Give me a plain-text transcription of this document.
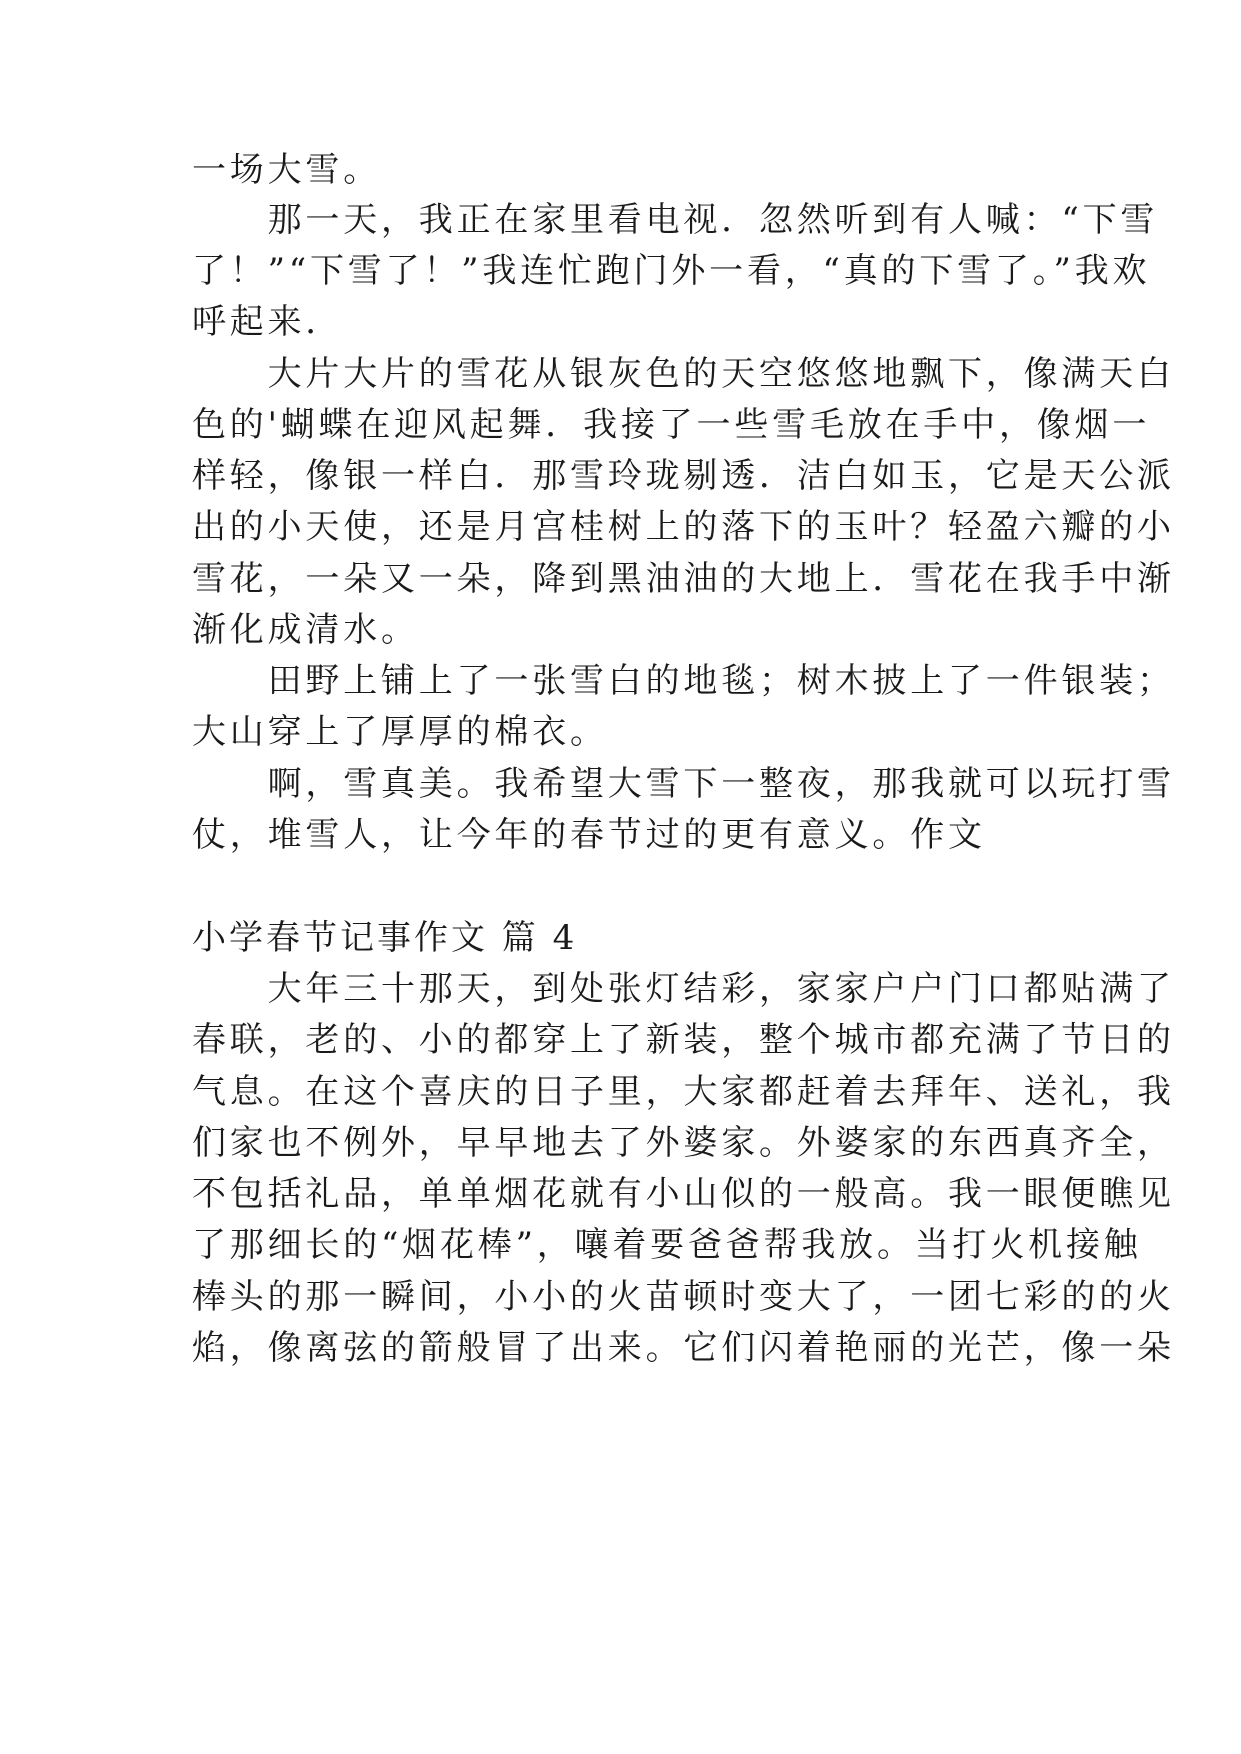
一场大雪。
　　那一天，我正在家里看电视．忽然听到有人喊：“下雪
了！”“下雪了！”我连忙跑门外一看，“真的下雪了。”我欢
呼起来．
　　大片大片的雪花从银灰色的天空悠悠地飘下，像满天白
色的'蝴蝶在迎风起舞．我接了一些雪毛放在手中，像烟一
样轻，像银一样白．那雪玲珑剔透．洁白如玉，它是天公派
出的小天使，还是月宫桂树上的落下的玉叶？轻盈六瓣的小
雪花，一朵又一朵，降到黑油油的大地上．雪花在我手中渐
渐化成清水。
　　田野上铺上了一张雪白的地毯；树木披上了一件银装；
大山穿上了厚厚的棉衣。
　　啊，雪真美。我希望大雪下一整夜，那我就可以玩打雪
仗，堆雪人，让今年的春节过的更有意义。作文
小学春节记事作文 篇 4
　　大年三十那天，到处张灯结彩，家家户户门口都贴满了
春联，老的、小的都穿上了新装，整个城市都充满了节日的
气息。在这个喜庆的日子里，大家都赶着去拜年、送礼，我
们家也不例外，早早地去了外婆家。外婆家的东西真齐全，
不包括礼品，单单烟花就有小山似的一般高。我一眼便瞧见
了那细长的“烟花棒”，嚷着要爸爸帮我放。当打火机接触
棒头的那一瞬间，小小的火苗顿时变大了，一团七彩的的火
焰，像离弦的箭般冒了出来。它们闪着艳丽的光芒，像一朵
